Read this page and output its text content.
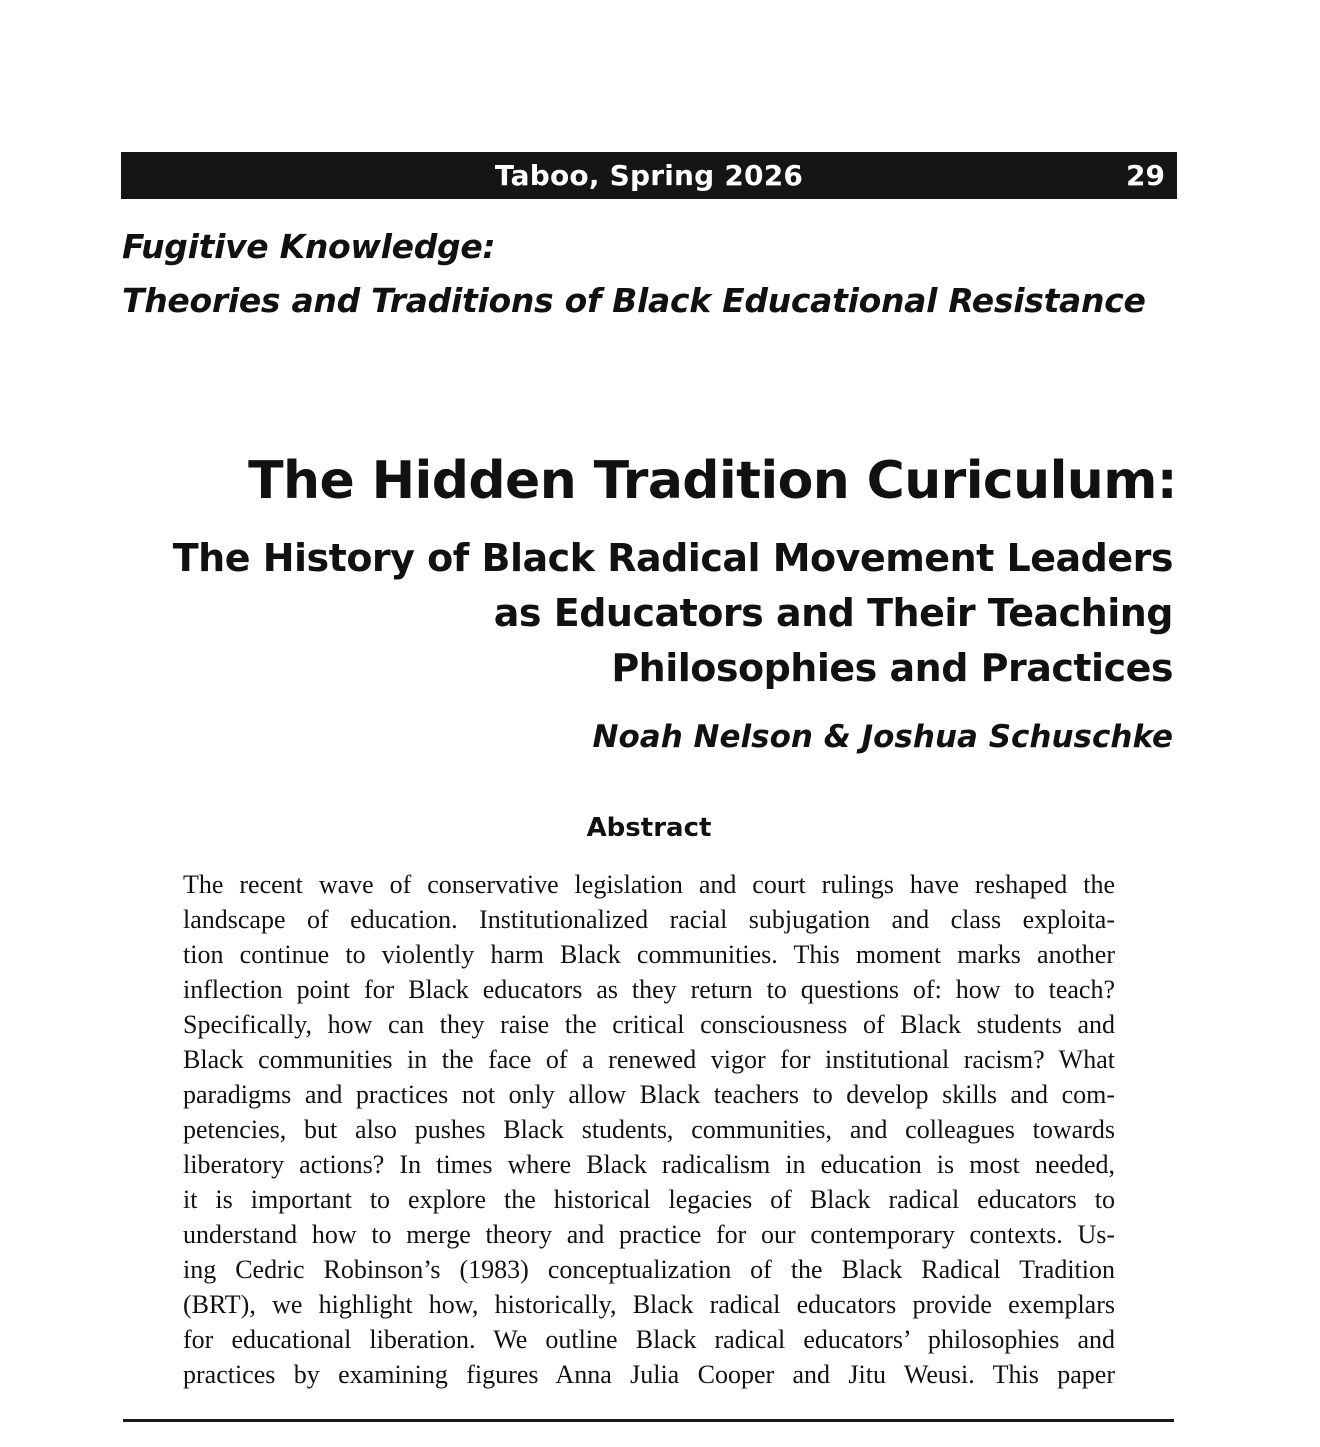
Taboo, Spring 2026	29
Fugitive Knowledge:
Theories and Traditions of Black Educational Resistance
The Hidden Tradition Curiculum:
The History of Black Radical Movement Leaders
as Educators and Their Teaching
Philosophies and Practices
Noah Nelson & Joshua Schuschke
Abstract
The recent wave of conservative legislation and court rulings have reshaped the
landscape of education. Institutionalized racial subjugation and class exploita-
tion continue to violently harm Black communities. This moment marks another
inflection point for Black educators as they return to questions of: how to teach?
Specifically, how can they raise the critical consciousness of Black students and
Black communities in the face of a renewed vigor for institutional racism? What
paradigms and practices not only allow Black teachers to develop skills and com-
petencies, but also pushes Black students, communities, and colleagues towards
liberatory actions? In times where Black radicalism in education is most needed,
it is important to explore the historical legacies of Black radical educators to
understand how to merge theory and practice for our contemporary contexts. Us-
ing Cedric Robinson’s (1983) conceptualization of the Black Radical Tradition
(BRT), we highlight how, historically, Black radical educators provide exemplars
for educational liberation. We outline Black radical educators’ philosophies and
practices by examining figures Anna Julia Cooper and Jitu Weusi. This paper
